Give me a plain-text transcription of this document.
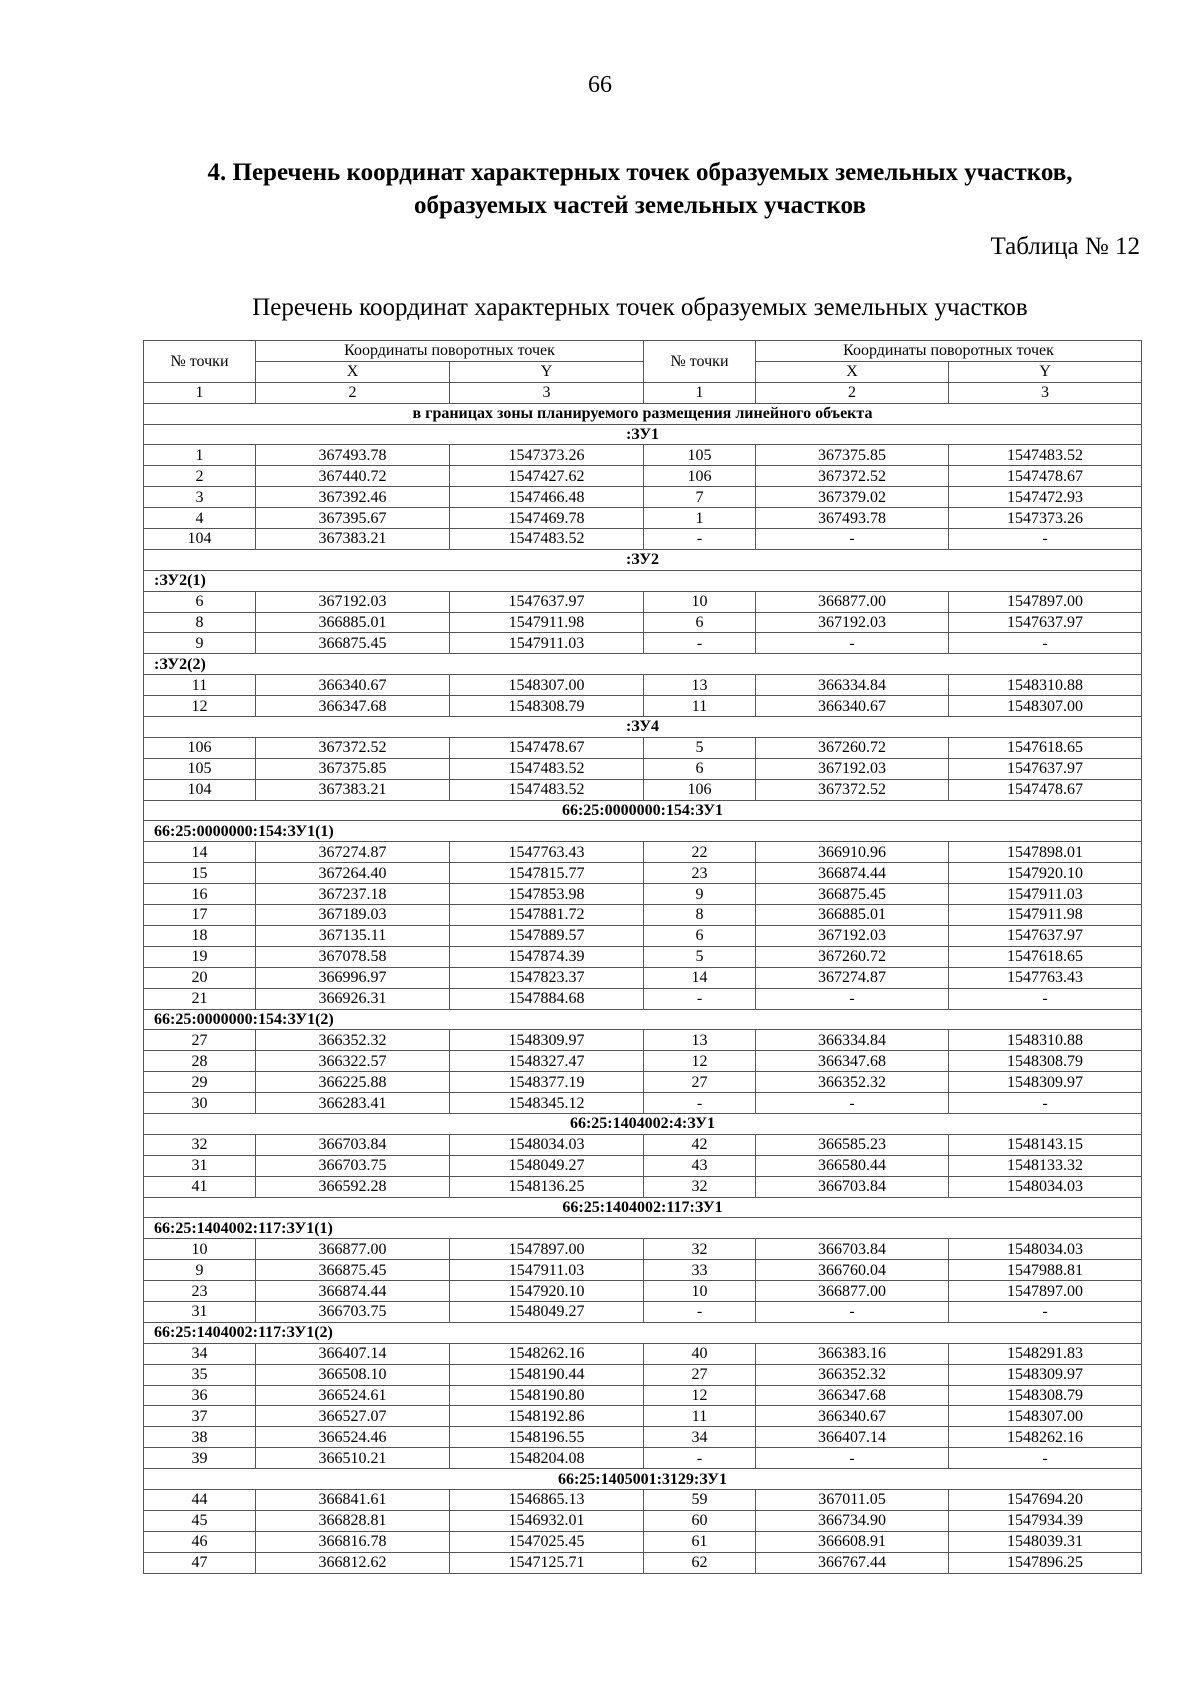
66
4. Перечень координат характерных точек образуемых земельных участков,
образуемых частей земельных участков
Таблица № 12
Перечень координат характерных точек образуемых земельных участков
№ точки	Координаты поворотных точек		№ точки	Координаты поворотных точек	
	X	Y		X	Y
1	2	3	1	2	3
в границах зоны планируемого размещения линейного объекта					
:ЗУ1					
1	367493.78	1547373.26	105	367375.85	1547483.52
2	367440.72	1547427.62	106	367372.52	1547478.67
3	367392.46	1547466.48	7	367379.02	1547472.93
4	367395.67	1547469.78	1	367493.78	1547373.26
104	367383.21	1547483.52	-	-	-
:ЗУ2					
:ЗУ2(1)					
6	367192.03	1547637.97	10	366877.00	1547897.00
8	366885.01	1547911.98	6	367192.03	1547637.97
9	366875.45	1547911.03	-	-	-
:ЗУ2(2)					
11	366340.67	1548307.00	13	366334.84	1548310.88
12	366347.68	1548308.79	11	366340.67	1548307.00
:ЗУ4					
106	367372.52	1547478.67	5	367260.72	1547618.65
105	367375.85	1547483.52	6	367192.03	1547637.97
104	367383.21	1547483.52	106	367372.52	1547478.67
66:25:0000000:154:ЗУ1					
66:25:0000000:154:ЗУ1(1)					
14	367274.87	1547763.43	22	366910.96	1547898.01
15	367264.40	1547815.77	23	366874.44	1547920.10
16	367237.18	1547853.98	9	366875.45	1547911.03
17	367189.03	1547881.72	8	366885.01	1547911.98
18	367135.11	1547889.57	6	367192.03	1547637.97
19	367078.58	1547874.39	5	367260.72	1547618.65
20	366996.97	1547823.37	14	367274.87	1547763.43
21	366926.31	1547884.68	-	-	-
66:25:0000000:154:ЗУ1(2)					
27	366352.32	1548309.97	13	366334.84	1548310.88
28	366322.57	1548327.47	12	366347.68	1548308.79
29	366225.88	1548377.19	27	366352.32	1548309.97
30	366283.41	1548345.12	-	-	-
66:25:1404002:4:ЗУ1					
32	366703.84	1548034.03	42	366585.23	1548143.15
31	366703.75	1548049.27	43	366580.44	1548133.32
41	366592.28	1548136.25	32	366703.84	1548034.03
66:25:1404002:117:ЗУ1					
66:25:1404002:117:ЗУ1(1)					
10	366877.00	1547897.00	32	366703.84	1548034.03
9	366875.45	1547911.03	33	366760.04	1547988.81
23	366874.44	1547920.10	10	366877.00	1547897.00
31	366703.75	1548049.27	-	-	-
66:25:1404002:117:ЗУ1(2)					
34	366407.14	1548262.16	40	366383.16	1548291.83
35	366508.10	1548190.44	27	366352.32	1548309.97
36	366524.61	1548190.80	12	366347.68	1548308.79
37	366527.07	1548192.86	11	366340.67	1548307.00
38	366524.46	1548196.55	34	366407.14	1548262.16
39	366510.21	1548204.08	-	-	-
66:25:1405001:3129:ЗУ1					
44	366841.61	1546865.13	59	367011.05	1547694.20
45	366828.81	1546932.01	60	366734.90	1547934.39
46	366816.78	1547025.45	61	366608.91	1548039.31
47	366812.62	1547125.71	62	366767.44	1547896.25
